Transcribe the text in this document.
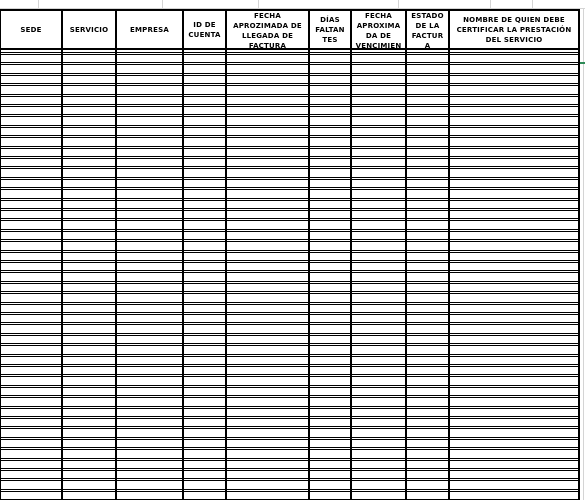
SEDE	SERVICIO	EMPRESA
ID DE
CUENTA
FECHA
APROZIMADA DE
LLEGADA DE
FACTURA
DÍAS
FALTAN
TES
FECHA
APROXIMA
DA DE
VENCIMIEN
ESTADO
DE LA
FACTUR
A
NOMBRE DE QUIEN DEBE
CERTIFICAR LA PRESTACIÓN
DEL SERVICIO
